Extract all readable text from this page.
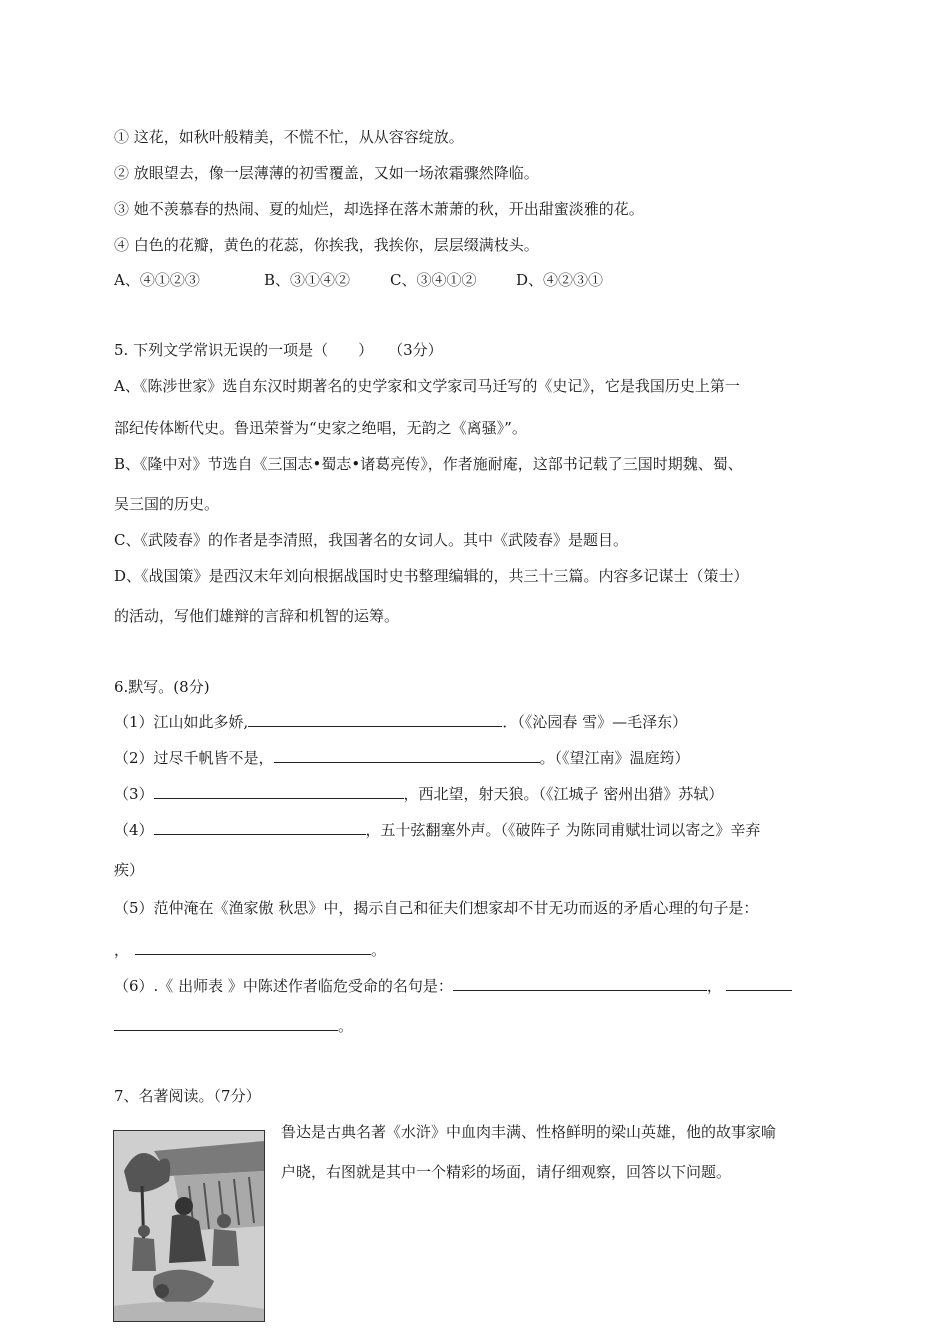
① 这花，如秋叶般精美，不慌不忙，从从容容绽放。
② 放眼望去，像一层薄薄的初雪覆盖，又如一场浓霜骤然降临。
③ 她不羡慕春的热闹、夏的灿烂，却选择在落木萧萧的秋，开出甜蜜淡雅的花。
④ 白色的花瓣，黄色的花蕊，你挨我，我挨你，层层缀满枝头。
A、④①②③	B、③①④②	C、③④①②	D、④②③①
5. 下列文学常识无误的一项是（　　）　　（3分）
A、《陈涉世家》选自东汉时期著名的史学家和文学家司马迁写的《史记》，它是我国历史上第一
部纪传体断代史。鲁迅荣誉为“史家之绝唱，无韵之《离骚》”。
B、《隆中对》节选自《三国志•蜀志•诸葛亮传》，作者施耐庵，这部书记载了三国时期魏、蜀、
吴三国的历史。
C、《武陵春》的作者是李清照，我国著名的女词人。其中《武陵春》是题目。
D、《战国策》是西汉末年刘向根据战国时史书整理编辑的，共三十三篇。内容多记谋士（策士）
的活动，写他们雄辩的言辞和机智的运筹。
6.默写。(8分)
（1）江山如此多娇,	．（《沁园春 雪》—毛泽东）
（2）过尽千帆皆不是，	。（《望江南》温庭筠）
（3）	，西北望，射天狼。（《江城子 密州出猎》苏轼）
（4）	，五十弦翻塞外声。（《破阵子 为陈同甫赋壮词以寄之》辛弃
疾）
（5）范仲淹在《渔家傲 秋思》中，揭示自己和征夫们想家却不甘无功而返的矛盾心理的句子是：
，	。
（6）.《 出师表 》中陈述作者临危受命的名句是：	，
。
7、名著阅读。（7分）
鲁达是古典名著《水浒》中血肉丰满、性格鲜明的梁山英雄，他的故事家喻
户晓，右图就是其中一个精彩的场面，请仔细观察，回答以下问题。
